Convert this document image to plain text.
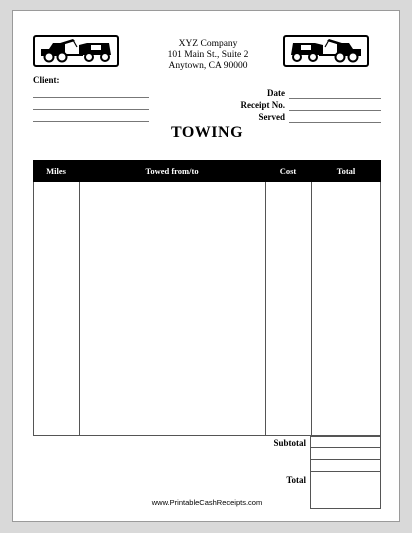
XYZ Company
101 Main St., Suite 2
Anytown, CA 90000
Client:
Date
Receipt No.
Served
TOWING
Miles	Towed from/to	Cost	Total
Subtotal
Total
www.PrintableCashReceipts.com
